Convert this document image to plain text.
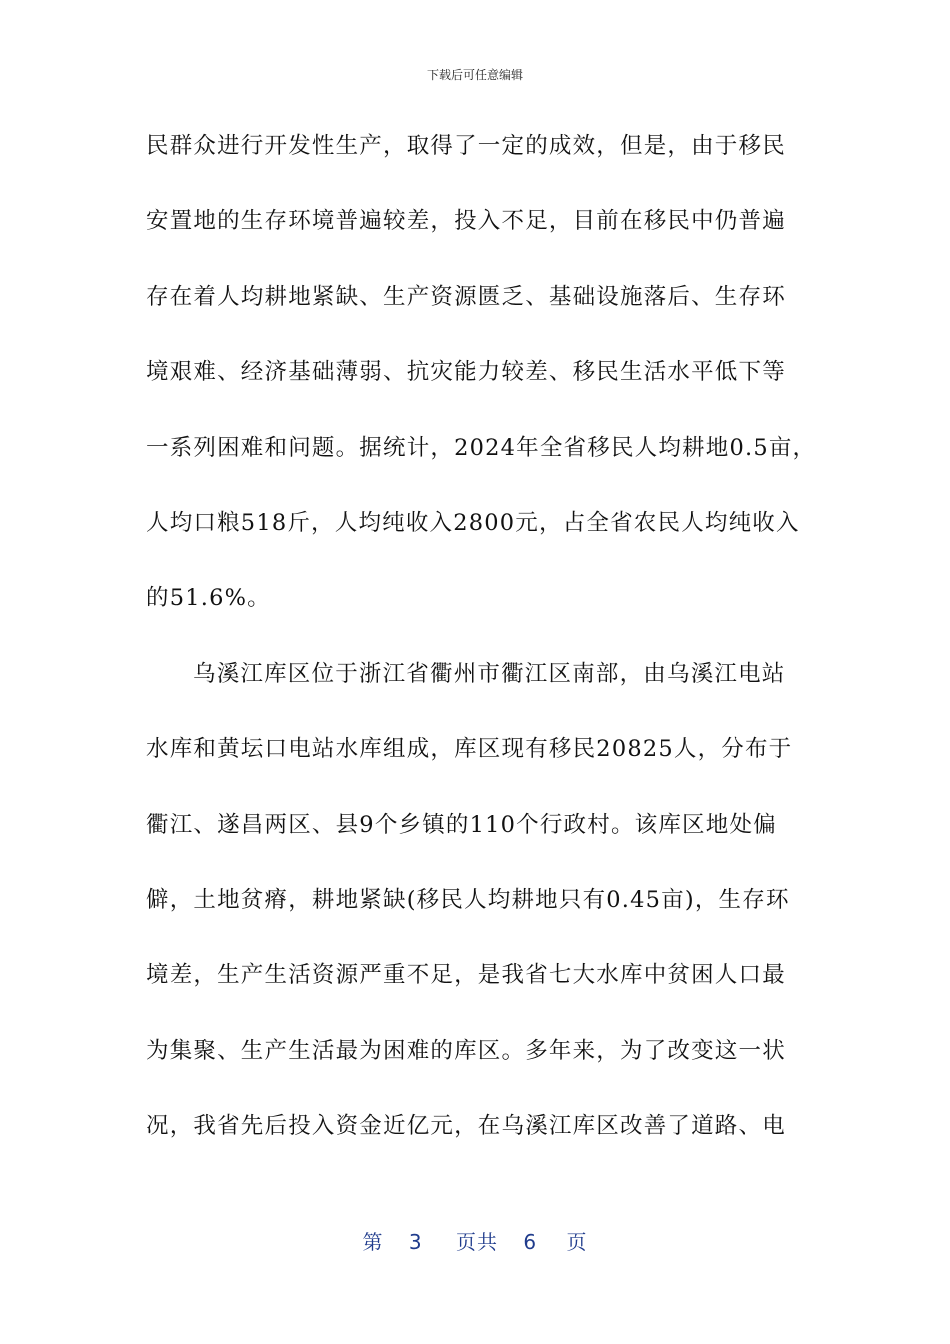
下载后可任意编辑
民群众进行开发性生产，取得了一定的成效，但是，由于移民
安置地的生存环境普遍较差，投入不足，目前在移民中仍普遍
存在着人均耕地紧缺、生产资源匮乏、基础设施落后、生存环
境艰难、经济基础薄弱、抗灾能力较差、移民生活水平低下等
一系列困难和问题。据统计，2024年全省移民人均耕地0.5亩，
人均口粮518斤，人均纯收入2800元，占全省农民人均纯收入
的51.6%。
乌溪江库区位于浙江省衢州市衢江区南部，由乌溪江电站
水库和黄坛口电站水库组成，库区现有移民20825人，分布于
衢江、遂昌两区、县9个乡镇的110个行政村。该库区地处偏
僻，土地贫瘠，耕地紧缺(移民人均耕地只有0.45亩)，生存环
境差，生产生活资源严重不足，是我省七大水库中贫困人口最
为集聚、生产生活最为困难的库区。多年来，为了改变这一状
况，我省先后投入资金近亿元，在乌溪江库区改善了道路、电
第 3 页共 6 页
